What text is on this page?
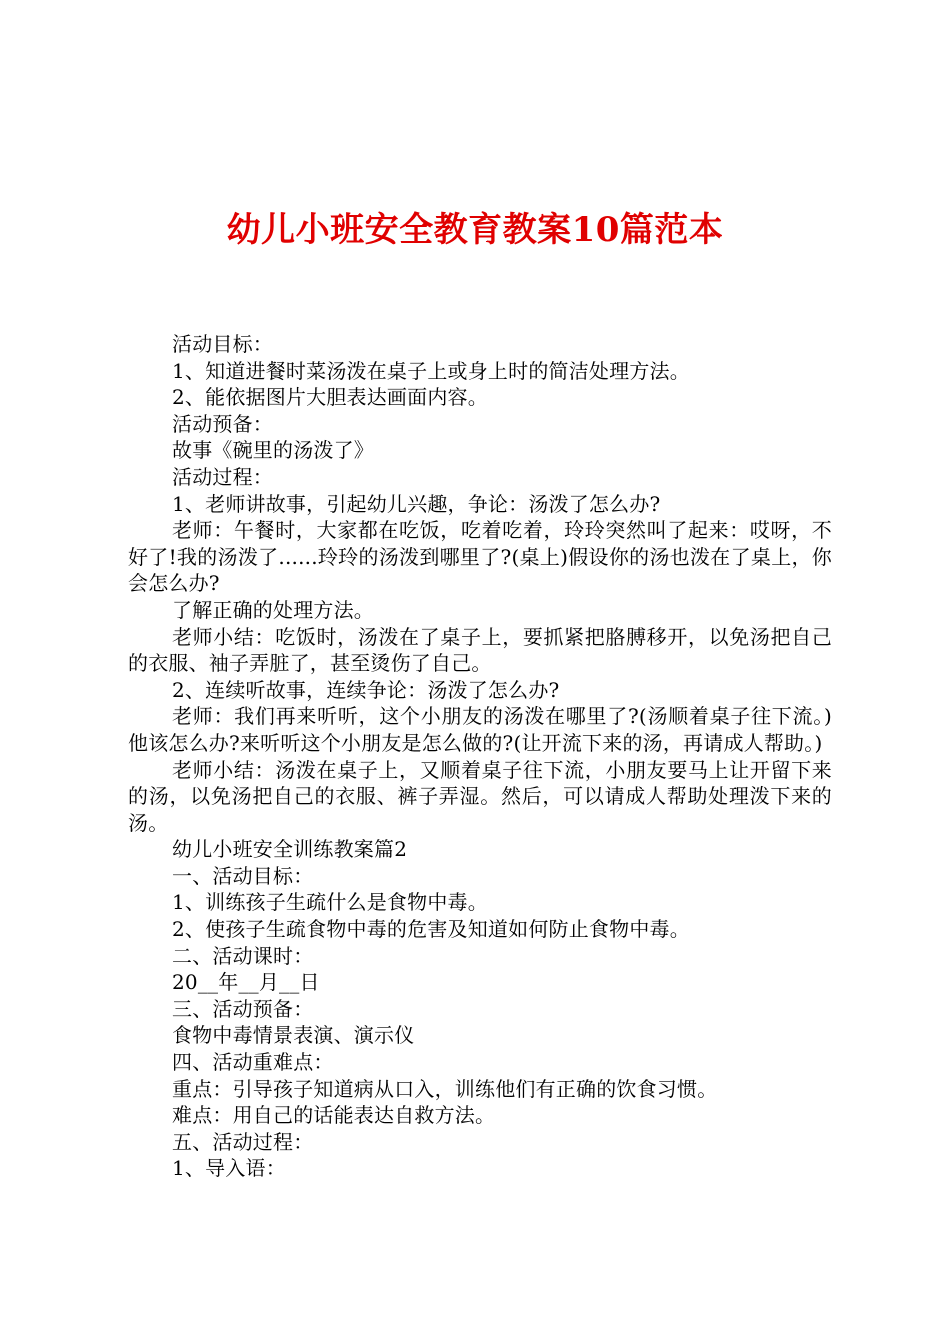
幼儿小班安全教育教案10篇范本

活动目标：

1、知道进餐时菜汤泼在桌子上或身上时的简洁处理方法。

2、能依据图片大胆表达画面内容。

活动预备：

故事《碗里的汤泼了》

活动过程：

1、老师讲故事，引起幼儿兴趣，争论：汤泼了怎么办?

老师：午餐时，大家都在吃饭，吃着吃着，玲玲突然叫了起来：哎呀，不好了!我的汤泼了......玲玲的汤泼到哪里了?(桌上)假设你的汤也泼在了桌上，你会怎么办?

了解正确的处理方法。

老师小结：吃饭时，汤泼在了桌子上，要抓紧把胳膊移开，以免汤把自己的衣服、袖子弄脏了，甚至烫伤了自己。

2、连续听故事，连续争论：汤泼了怎么办?

老师：我们再来听听，这个小朋友的汤泼在哪里了?(汤顺着桌子往下流。)他该怎么办?来听听这个小朋友是怎么做的?(让开流下来的汤，再请成人帮助。)

老师小结：汤泼在桌子上，又顺着桌子往下流，小朋友要马上让开留下来的汤，以免汤把自己的衣服、裤子弄湿。然后，可以请成人帮助处理泼下来的汤。

幼儿小班安全训练教案篇2

一、活动目标：

1、训练孩子生疏什么是食物中毒。

2、使孩子生疏食物中毒的危害及知道如何防止食物中毒。

二、活动课时：

20__年__月__日

三、活动预备：

食物中毒情景表演、演示仪

四、活动重难点：

重点：引导孩子知道病从口入，训练他们有正确的饮食习惯。

难点：用自己的话能表达自救方法。

五、活动过程：

1、导入语：
